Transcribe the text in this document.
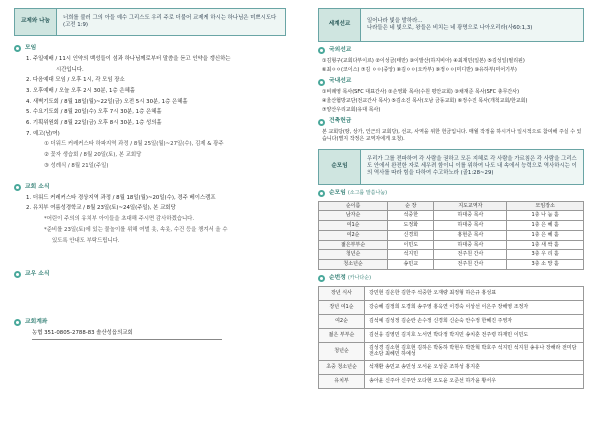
교제와 나눔
너희를 불러 그의 아들 예수 그리스도 우리 주로 더불어 교제케 하시는 하나님은 미쁘시도다 (고전 1:9)
모임
1. 주일예배 / 11시 인약의 백성들이 섬과 하나님께로부터 말씀을 듣고 인약을 갱신하는
시간입니다.
2. 다음예대 모임 / 오후 1시, 각 모임 장소
3. 오후예배 / 오늘 오후 2시 30분, 1층 은혜홀
4. 새벽기도회 / 8월 18일(월)~22일(금) 오전 5시 30분, 1층 은혜홀
5. 수요기도회 / 8월 20일(수) 오후 7시 30분, 1층 은혜홀
6. 기획위원회 / 8월 22일(금) 오후 8시 30분, 1층 성의홀
7. 예고(남/여)
① 더워드 커레커스타 하파지역 과정 / 8월 25일(월)~27일(수), 김제 & 광주
② 꽃자 생습회 / 8월 20일(토), 본 교회당
③ 성례식 / 8월 21일(주일)
교회 소식
1. 더워드 커레커스타 경상지역 과정 / 8월 18일(월)~20일(수), 경주 베이스캠프
2. 유치부 여름성경학교 / 8월 23일(토)~24일(주일), 본 교회당
*어린이 주의의 유치부 아이들을 초대해 주시면 감사하겠습니다.
*준비를 23일(토)에 있는 물놀이를 위해 여벌 옷, 속옷, 수건 등을 챙겨서 올 수
있도록 안내도 부탁드립니다.
교우 소식
교회계좌
농협 351-0805-2788-83 솔산성읍의교회
세계선교
일어나라 빛을 발하라...
나라들은 네 빛으로, 왕들은 비치는 네 광명으로 나아오리라(사60:1,3)
국외선교
①김형구(교회다부이르) ②이성금(태만) ③이발산(하지비아) ④최재민(일본) ⑤김성일(필리핀)
⑥최ㅇㅇ(코이스) ⑦김 ㅇㅇ(중앙) ⑧김ㅇㅇ(오카부) ⑨정ㅇㅇ(미디반) ⑩유하부(미어기부)
국내선교
①비례영 목사(SFC 대표간사) ②손영화 목사(수원 평안교회) ③채재준 목사(SFC 총무간사)
④울산협방교단(전교간사 목사) ⑤김소진 목사(오남 금동교회) ⑥정수진 목사(개척교회/한교회)
⑦양산우리교회(유대 목사)
건축헌금
본 교회당(땅, 상가, 인근의 교회당), 선교, 사역을 위한 헌금입니다. 매월 작정을 하시거나 일시적으로 참여해 주실 수 있습니다(별지 작정은 교역자에게 요청).
순모임
우리가 그를 전파하여 각 사람을 권하고 모든 지혜로 각 사람을 가르침은 각 사람을 그리스도 안에서 완전한 자로 세우려 함이니 이를 위하여 나도 내 속에서 능력으로 역사하시는 이의 역사를 따라 힘을 다하여 수고하노라 (골1:28~29)
순모임 (소그룹 말씀나눔)
순이름	순 장	지도교역자	모임장소
남자순	석중한	하대중 목사	1층 나 눔 홀
여1순	도정화	하대중 목사	1층 은 혜 홀
여2순	신경희	홍현준 목사	1층 은 혜 홀
젊은부부순	이민도	하대중 목사	1층 새 싹 홀
청년순	석지민	전주원 간사	3층 우 리 홀
청소년순	송민교	전주원 간사	3층 소 망 홀
순번정 (카나다순)
장년 식사	강민현 김온한 김한주 석중한 오재량 최정형 하은규 홍성표
장년 여1순	강승혜 김정희 도경희 송주영 홍옥연 이경숙 이상선 이은주 장해영 조정자
여2순	김석예 김성정 김순란 손수정 신경희 신순숙 안수정 한혜진 주영자
젊은 부부순	김선웅 김영민 김지호 노서연 박다정 박지민 송치훈 전주령 하재민 이민도
청년순	김성경 김소현 김호현 김하은 박동하 박현우 박찬혁 박호주 석지민 석지원 송유나 장해라 전미담 전소담 최혜민 하예성
초중 청소년순	석재환 송민교 송민성 오서윤 오성준 조하성 홍지훈
유치부	송아윤 신주아 신주안 오다현 오도윤 오준선 하가윤 황서우
